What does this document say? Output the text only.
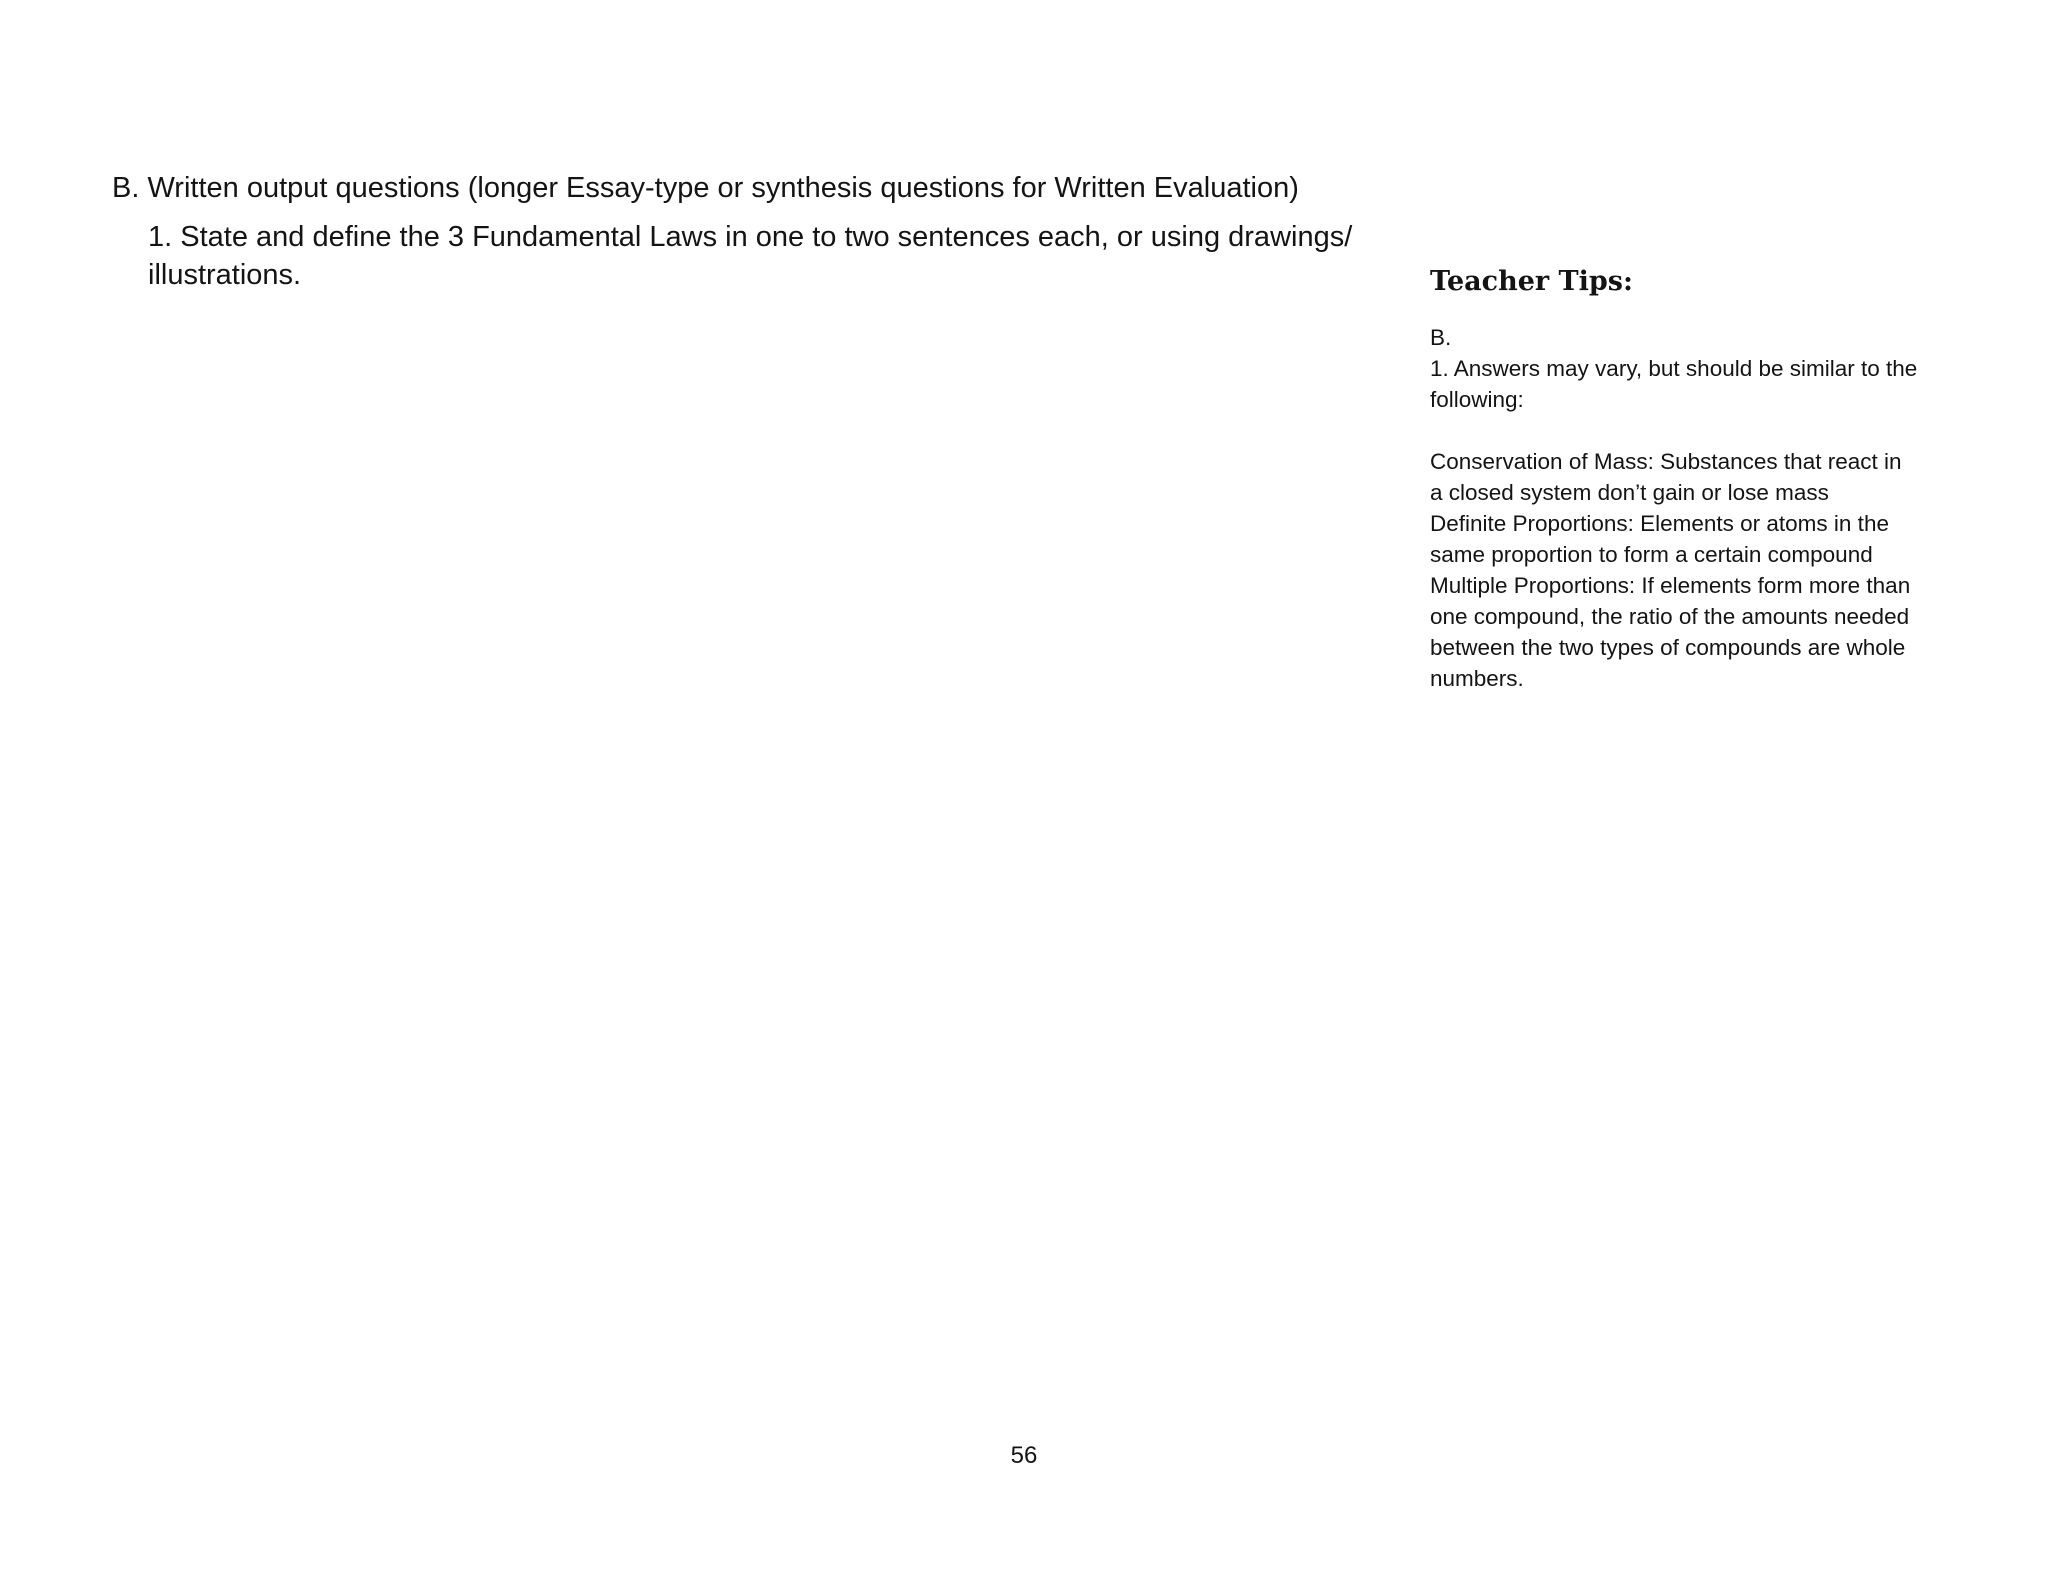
B. Written output questions (longer Essay-type or synthesis questions for Written Evaluation)

1. State and define the 3 Fundamental Laws in one to two sentences each, or using drawings/ illustrations.	Teacher Tips:

B.

1. Answers may vary, but should be similar to the following:

Conservation of Mass: Substances that react in a closed system don’t gain or lose mass

Definite Proportions: Elements or atoms in the same proportion to form a certain compound

Multiple Proportions: If elements form more than one compound, the ratio of the amounts needed between the two types of compounds are whole numbers.

56
